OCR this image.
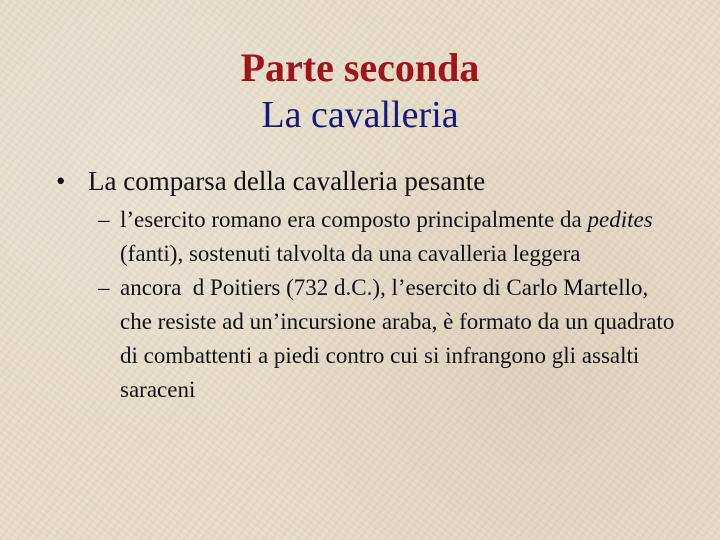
Parte seconda
La cavalleria
• La comparsa della cavalleria pesante
– l’esercito romano era composto principalmente da pedites (fanti), sostenuti talvolta da una cavalleria leggera
– ancora  d Poitiers (732 d.C.), l’esercito di Carlo Martello, che resiste ad un’incursione araba, è formato da un quadrato di combattenti a piedi contro cui si infrangono gli assalti saraceni
